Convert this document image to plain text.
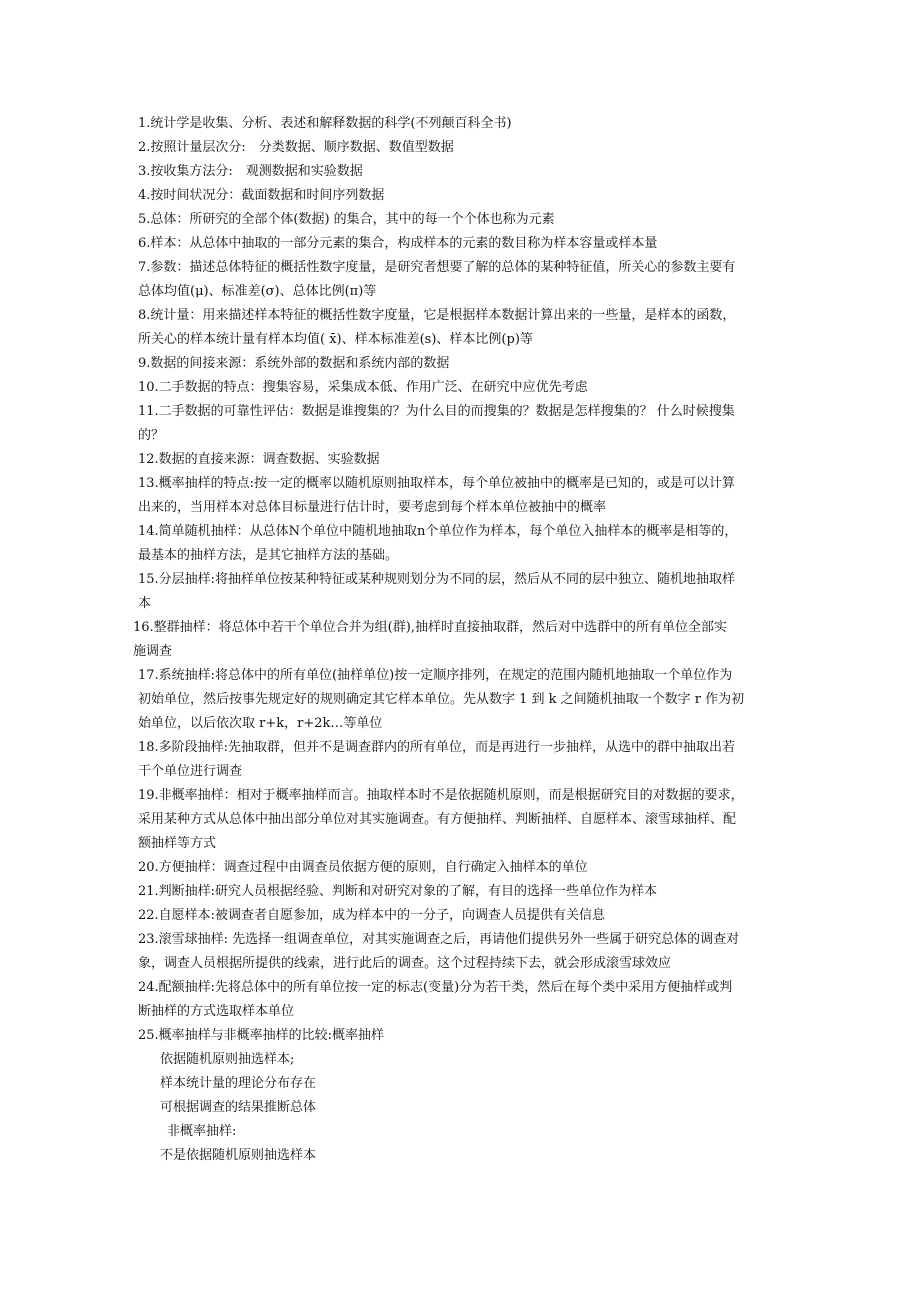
1.统计学是收集、分析、表述和解释数据的科学(不列颠百科全书)
2.按照计量层次分:　分类数据、顺序数据、数值型数据
3.按收集方法分:　观测数据和实验数据
4.按时间状况分：截面数据和时间序列数据
5.总体：所研究的全部个体(数据) 的集合，其中的每一个个体也称为元素
6.样本：从总体中抽取的一部分元素的集合，构成样本的元素的数目称为样本容量或样本量
7.参数：描述总体特征的概括性数字度量，是研究者想要了解的总体的某种特征值，所关心的参数主要有
总体均值(μ)、标准差(σ)、总体比例(π)等
8.统计量：用来描述样本特征的概括性数字度量，它是根据样本数据计算出来的一些量，是样本的函数，
所关心的样本统计量有样本均值( x̄)、样本标准差(s)、样本比例(p)等
9.数据的间接来源：系统外部的数据和系统内部的数据
10.二手数据的特点：搜集容易，采集成本低、作用广泛、在研究中应优先考虑
11.二手数据的可靠性评估：数据是谁搜集的？为什么目的而搜集的？数据是怎样搜集的？ 什么时候搜集
的？
12.数据的直接来源：调查数据、实验数据
13.概率抽样的特点:按一定的概率以随机原则抽取样本，每个单位被抽中的概率是已知的，或是可以计算
出来的，当用样本对总体目标量进行估计时，要考虑到每个样本单位被抽中的概率
14.简单随机抽样：从总体N个单位中随机地抽取n个单位作为样本，每个单位入抽样本的概率是相等的，
最基本的抽样方法，是其它抽样方法的基础。
15.分层抽样:将抽样单位按某种特征或某种规则划分为不同的层，然后从不同的层中独立、随机地抽取样
本
16.整群抽样：将总体中若干个单位合并为组(群),抽样时直接抽取群，然后对中选群中的所有单位全部实
施调查
17.系统抽样:将总体中的所有单位(抽样单位)按一定顺序排列，在规定的范围内随机地抽取一个单位作为
初始单位，然后按事先规定好的规则确定其它样本单位。先从数字 1 到 k 之间随机抽取一个数字 r 作为初
始单位，以后依次取 r+k，r+2k…等单位
18.多阶段抽样:先抽取群，但并不是调查群内的所有单位，而是再进行一步抽样，从选中的群中抽取出若
干个单位进行调查
19.非概率抽样：相对于概率抽样而言。抽取样本时不是依据随机原则，而是根据研究目的对数据的要求，
采用某种方式从总体中抽出部分单位对其实施调查。有方便抽样、判断抽样、自愿样本、滚雪球抽样、配
额抽样等方式
20.方便抽样：调查过程中由调查员依据方便的原则，自行确定入抽样本的单位
21.判断抽样:研究人员根据经验、判断和对研究对象的了解，有目的选择一些单位作为样本
22.自愿样本:被调查者自愿参加，成为样本中的一分子，向调查人员提供有关信息
23.滚雪球抽样: 先选择一组调查单位，对其实施调查之后，再请他们提供另外一些属于研究总体的调查对
象，调查人员根据所提供的线索，进行此后的调查。这个过程持续下去，就会形成滚雪球效应
24.配额抽样:先将总体中的所有单位按一定的标志(变量)分为若干类，然后在每个类中采用方便抽样或判
断抽样的方式选取样本单位
25.概率抽样与非概率抽样的比较:概率抽样
依据随机原则抽选样本;
样本统计量的理论分布存在
可根据调查的结果推断总体
非概率抽样:
不是依据随机原则抽选样本
